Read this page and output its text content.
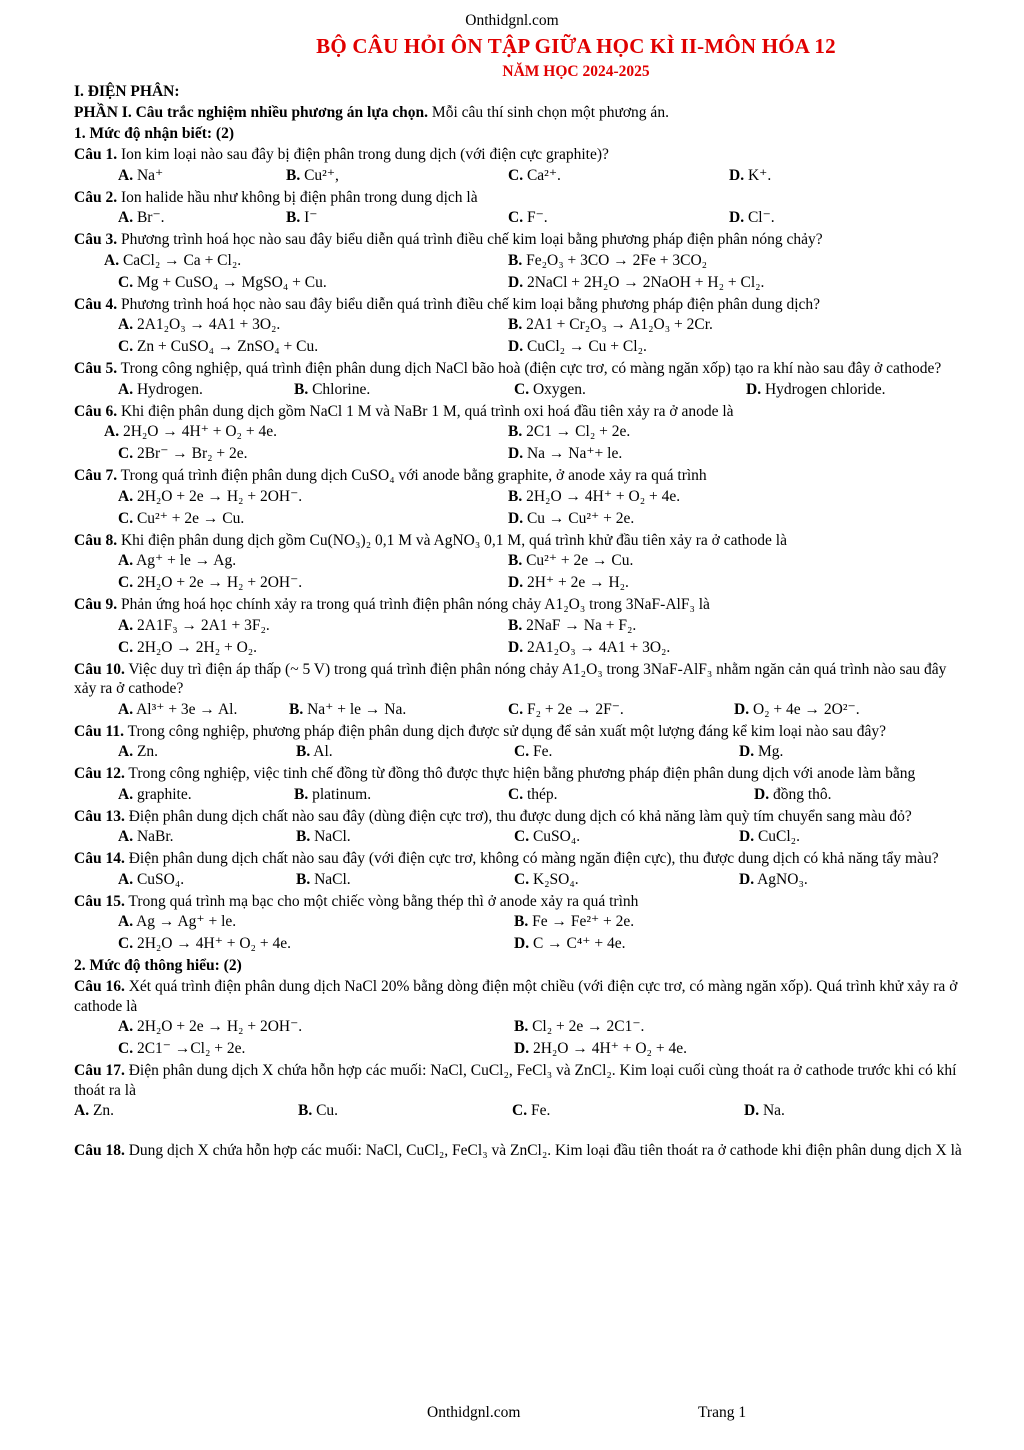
Onthidgnl.com
BỘ CÂU HỎI ÔN TẬP GIỮA HỌC KÌ II-MÔN HÓA 12
NĂM HỌC 2024-2025
I. ĐIỆN PHÂN:
PHẦN I. Câu trắc nghiệm nhiều phương án lựa chọn. Mỗi câu thí sinh chọn một phương án.
1. Mức độ nhận biết: (2)
Câu 1. Ion kim loại nào sau đây bị điện phân trong dung dịch (với điện cực graphite)?
A. Na⁺	B. Cu²⁺,	C. Ca²⁺.	D. K⁺.
Câu 2. Ion halide hầu như không bị điện phân trong dung dịch là
A. Br⁻.	B. I⁻	C. F⁻.	D. Cl⁻.
Câu 3. Phương trình hoá học nào sau đây biểu diễn quá trình điều chế kim loại bằng phương pháp điện phân nóng chảy?
A. CaCl₂ → Ca + Cl₂.	B. Fe₂O₃ + 3CO → 2Fe + 3CO₂
C. Mg + CuSO₄ → MgSO₄ + Cu.	D. 2NaCl + 2H₂O → 2NaOH + H₂ + Cl₂.
Câu 4. Phương trình hoá học nào sau đây biểu diễn quá trình điều chế kim loại bằng phương pháp điện phân dung dịch?
A. 2A1₂O₃ → 4A1 + 3O₂.	B. 2A1 + Cr₂O₃ → A1₂O₃ + 2Cr.
C. Zn + CuSO₄ → ZnSO₄ + Cu.	D. CuCl₂ → Cu + Cl₂.
Câu 5. Trong công nghiệp, quá trình điện phân dung dịch NaCl bão hoà (điện cực trơ, có màng ngăn xốp) tạo ra khí nào sau đây ở cathode?
A. Hydrogen.	B. Chlorine.	C. Oxygen.	D. Hydrogen chloride.
Câu 6. Khi điện phân dung dịch gồm NaCl 1 M và NaBr 1 M, quá trình oxi hoá đầu tiên xảy ra ở anode là
A. 2H₂O → 4H⁺ + O₂ + 4e.	B. 2C1 → Cl₂ + 2e.
C. 2Br⁻ → Br₂ + 2e.	D. Na → Na⁺+ le.
Câu 7. Trong quá trình điện phân dung dịch CuSO₄ với anode bằng graphite, ở anode xảy ra quá trình
A. 2H₂O + 2e → H₂ + 2OH⁻.	B. 2H₂O → 4H⁺ + O₂ + 4e.
C. Cu²⁺ + 2e → Cu.	D. Cu → Cu²⁺ + 2e.
Câu 8. Khi điện phân dung dịch gồm Cu(NO₃)₂ 0,1 M và AgNO₃ 0,1 M, quá trình khử đầu tiên xảy ra ở cathode là
A. Ag⁺ + le → Ag.	B. Cu²⁺ + 2e → Cu.
C. 2H₂O + 2e → H₂ + 2OH⁻.	D. 2H⁺ + 2e → H₂.
Câu 9. Phản ứng hoá học chính xảy ra trong quá trình điện phân nóng chảy A1₂O₃ trong 3NaF-AlF₃ là
A. 2A1F₃ → 2A1 + 3F₂.	B. 2NaF → Na + F₂.
C. 2H₂O → 2H₂ + O₂.	D. 2A1₂O₃ → 4A1 + 3O₂.
Câu 10. Việc duy trì điện áp thấp (~ 5 V) trong quá trình điện phân nóng chảy A1₂O₃ trong 3NaF-AlF₃ nhằm ngăn cản quá trình nào sau đây xảy ra ở cathode?
A. Al³⁺ + 3e → Al.	B. Na⁺ + le → Na.	C. F₂ + 2e → 2F⁻.	D. O₂ + 4e → 2O²⁻.
Câu 11. Trong công nghiệp, phương pháp điện phân dung dịch được sử dụng để sản xuất một lượng đáng kể kim loại nào sau đây?
A. Zn.	B. Al.	C. Fe.	D. Mg.
Câu 12. Trong công nghiệp, việc tinh chế đồng từ đồng thô được thực hiện bằng phương pháp điện phân dung dịch với anode làm bằng
A. graphite.	B. platinum.	C. thép.	D. đồng thô.
Câu 13. Điện phân dung dịch chất nào sau đây (dùng điện cực trơ), thu được dung dịch có khả năng làm quỳ tím chuyển sang màu đỏ?
A. NaBr.	B. NaCl.	C. CuSO₄.	D. CuCl₂.
Câu 14. Điện phân dung dịch chất nào sau đây (với điện cực trơ, không có màng ngăn điện cực), thu được dung dịch có khả năng tẩy màu?
A. CuSO₄.	B. NaCl.	C. K₂SO₄.	D. AgNO₃.
Câu 15. Trong quá trình mạ bạc cho một chiếc vòng bằng thép thì ở anode xảy ra quá trình
A. Ag → Ag⁺ + le.	B. Fe → Fe²⁺ + 2e.
C. 2H₂O → 4H⁺ + O₂ + 4e.	D. C → C⁴⁺ + 4e.
2. Mức độ thông hiểu: (2)
Câu 16. Xét quá trình điện phân dung dịch NaCl 20% bằng dòng điện một chiều (với điện cực trơ, có màng ngăn xốp). Quá trình khử xảy ra ở cathode là
A. 2H₂O + 2e → H₂ + 2OH⁻.	B. Cl₂ + 2e → 2C1⁻.
C. 2C1⁻ →Cl₂ + 2e.	D. 2H₂O → 4H⁺ + O₂ + 4e.
Câu 17. Điện phân dung dịch X chứa hỗn hợp các muối: NaCl, CuCl₂, FeCl₃ và ZnCl₂. Kim loại cuối cùng thoát ra ở cathode trước khi có khí thoát ra là
A. Zn.	B. Cu.	C. Fe.	D. Na.
Câu 18. Dung dịch X chứa hỗn hợp các muối: NaCl, CuCl₂, FeCl₃ và ZnCl₂. Kim loại đầu tiên thoát ra ở cathode khi điện phân dung dịch X là
Onthidgnl.com	Trang 1
